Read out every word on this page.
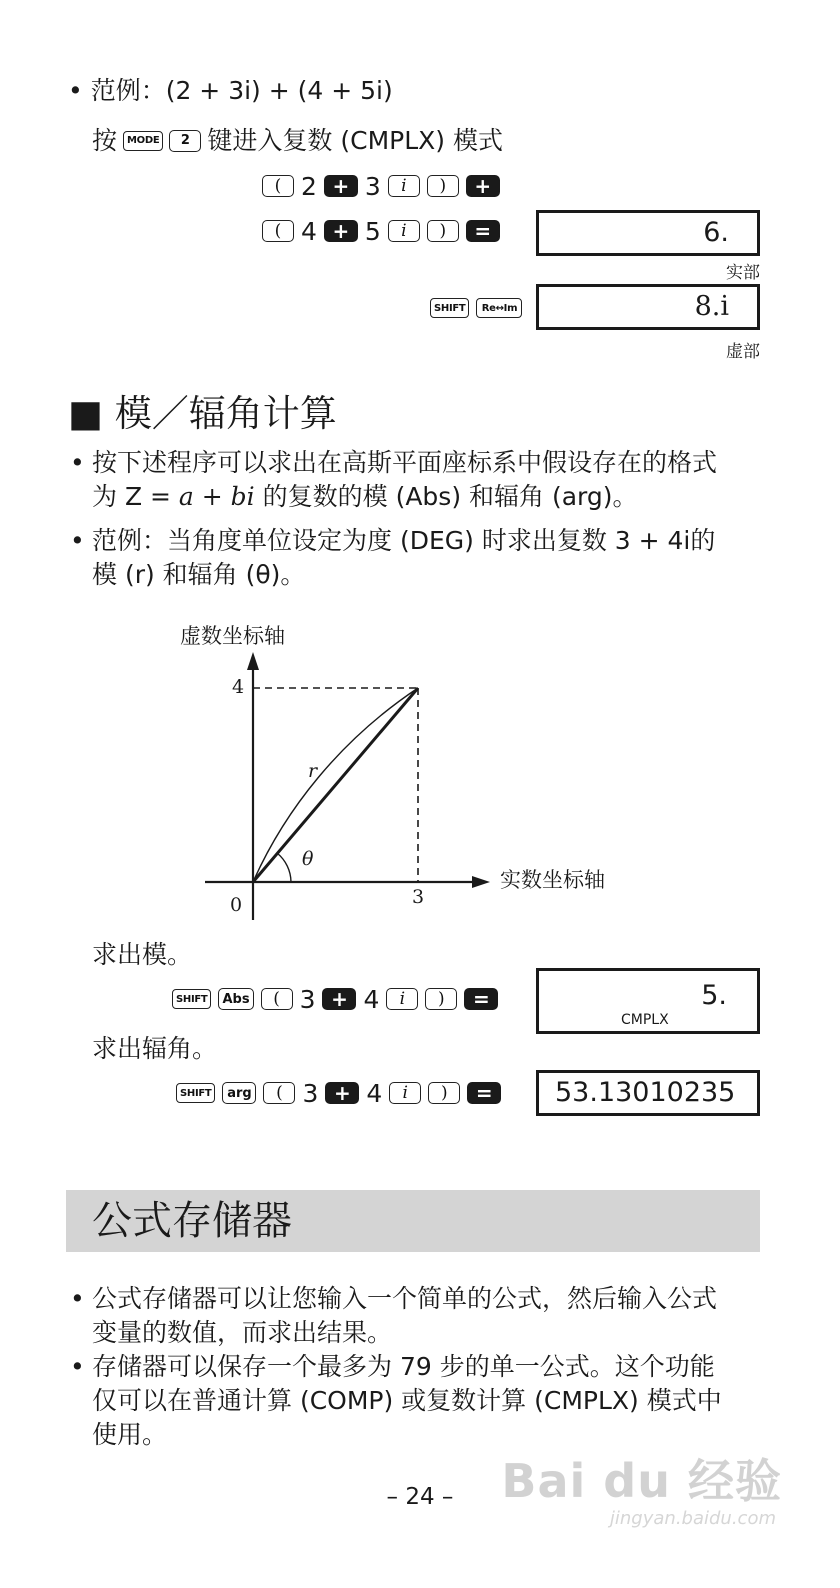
• 范例：(2 + 3i) + (4 + 5i)
按	MODE	2 键进入复数 (CMPLX) 模式
( 2 + 3	i	)	+
( 4 + 5	i	)	=	6.
实部
SHIFT	Re↔Im	8.i
虚部
■ 模／辐角计算
• 按下述程序可以求出在高斯平面座标系中假设存在的格式
为 Z = a + bi 的复数的模 (Abs) 和辐角 (arg)。
• 范例：当角度单位设定为度 (DEG) 时求出复数 3 + 4i的
模 (r) 和辐角 (θ)。
虚数坐标轴
实数坐标轴
4
3
0
r
θ
求出模。
SHIFT	Abs	( 3 + 4	i	)	=	5.
CMPLX
求出辐角。
SHIFT	arg	( 3 + 4	i	)	=	53.13010235
公式存储器
• 公式存储器可以让您输入一个简单的公式，然后输入公式
变量的数值，而求出结果。
• 存储器可以保存一个最多为 79 步的单一公式。这个功能
仅可以在普通计算 (COMP) 或复数计算 (CMPLX) 模式中
使用。
– 24 –	Bai du 经验
jingyan.baidu.com
